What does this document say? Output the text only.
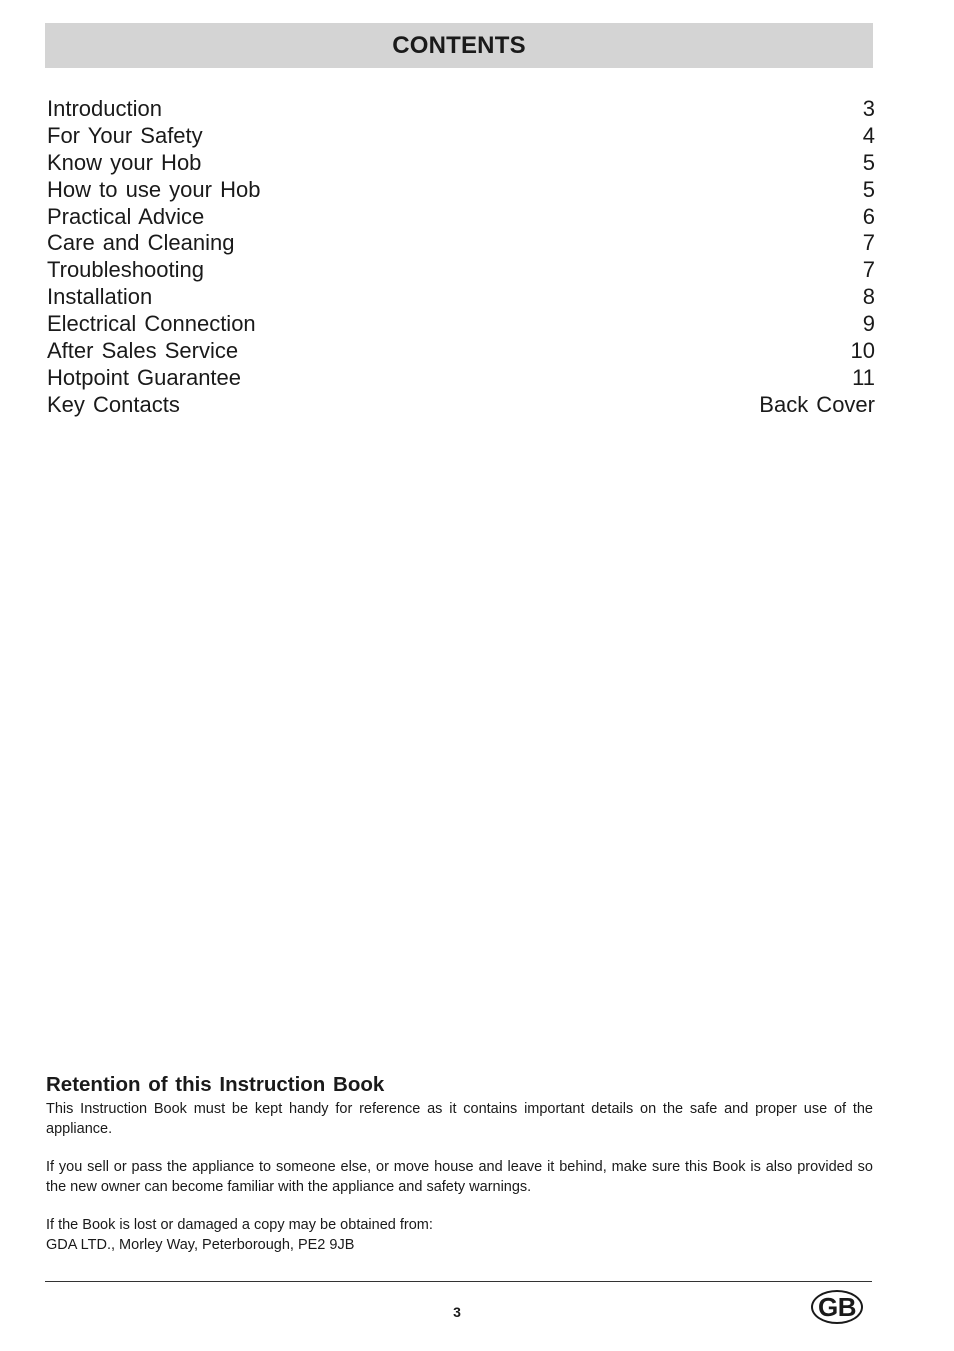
CONTENTS
Introduction	3
For Your Safety	4
Know your Hob	5
How to use your Hob	5
Practical Advice	6
Care and Cleaning	7
Troubleshooting	7
Installation	8
Electrical Connection	9
After Sales Service	10
Hotpoint Guarantee	11
Key Contacts	Back Cover
Retention of this Instruction Book

This Instruction Book must be kept handy for reference as it contains important details on the safe and proper use of the appliance.

If you sell or pass the appliance to someone else, or move house and leave it behind, make sure this Book is also provided so the new owner can become familiar with the appliance and safety warnings.

If the Book is lost or damaged a copy may be obtained from:
GDA LTD., Morley Way, Peterborough, PE2 9JB

3	GB
